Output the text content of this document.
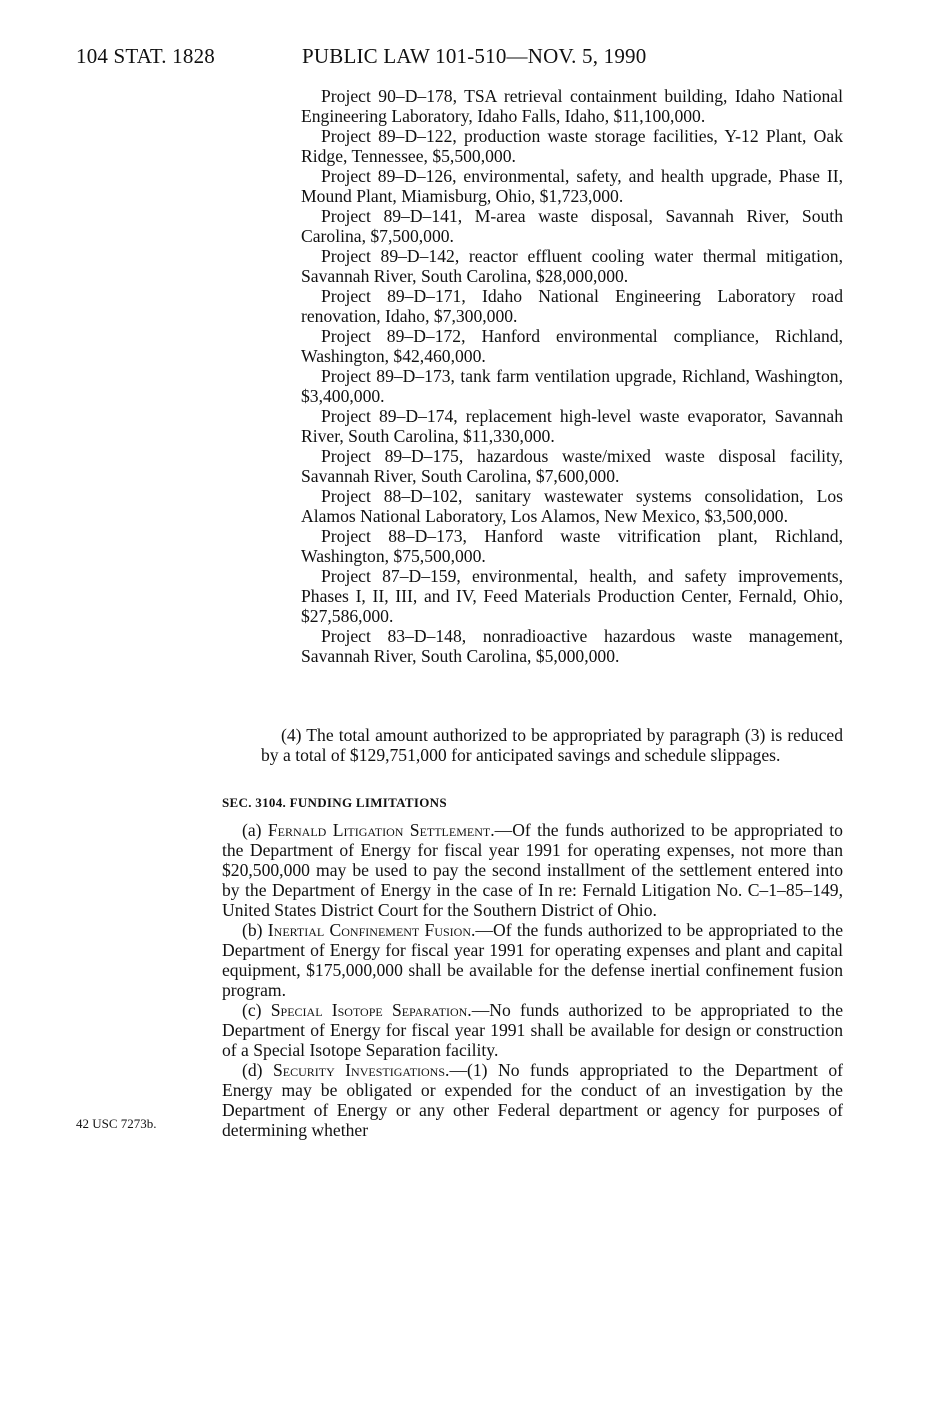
104 STAT. 1828	PUBLIC LAW 101-510—NOV. 5, 1990
Project 90–D–178, TSA retrieval containment building, Idaho National Engineering Laboratory, Idaho Falls, Idaho, $11,100,000.
Project 89–D–122, production waste storage facilities, Y-12 Plant, Oak Ridge, Tennessee, $5,500,000.
Project 89–D–126, environmental, safety, and health upgrade, Phase II, Mound Plant, Miamisburg, Ohio, $1,723,000.
Project 89–D–141, M-area waste disposal, Savannah River, South Carolina, $7,500,000.
Project 89–D–142, reactor effluent cooling water thermal mitigation, Savannah River, South Carolina, $28,000,000.
Project 89–D–171, Idaho National Engineering Laboratory road renovation, Idaho, $7,300,000.
Project 89–D–172, Hanford environmental compliance, Richland, Washington, $42,460,000.
Project 89–D–173, tank farm ventilation upgrade, Richland, Washington, $3,400,000.
Project 89–D–174, replacement high-level waste evaporator, Savannah River, South Carolina, $11,330,000.
Project 89–D–175, hazardous waste/mixed waste disposal facility, Savannah River, South Carolina, $7,600,000.
Project 88–D–102, sanitary wastewater systems consolidation, Los Alamos National Laboratory, Los Alamos, New Mexico, $3,500,000.
Project 88–D–173, Hanford waste vitrification plant, Richland, Washington, $75,500,000.
Project 87–D–159, environmental, health, and safety improvements, Phases I, II, III, and IV, Feed Materials Production Center, Fernald, Ohio, $27,586,000.
Project 83–D–148, nonradioactive hazardous waste management, Savannah River, South Carolina, $5,000,000.
(4) The total amount authorized to be appropriated by paragraph (3) is reduced by a total of $129,751,000 for anticipated savings and schedule slippages.
SEC. 3104. FUNDING LIMITATIONS
(a) Fernald Litigation Settlement.—Of the funds authorized to be appropriated to the Department of Energy for fiscal year 1991 for operating expenses, not more than $20,500,000 may be used to pay the second installment of the settlement entered into by the Department of Energy in the case of In re: Fernald Litigation No. C–1–85–149, United States District Court for the Southern District of Ohio.
(b) Inertial Confinement Fusion.—Of the funds authorized to be appropriated to the Department of Energy for fiscal year 1991 for operating expenses and plant and capital equipment, $175,000,000 shall be available for the defense inertial confinement fusion program.
(c) Special Isotope Separation.—No funds authorized to be appropriated to the Department of Energy for fiscal year 1991 shall be available for design or construction of a Special Isotope Separation facility.
(d) Security Investigations.—(1) No funds appropriated to the Department of Energy may be obligated or expended for the conduct of an investigation by the Department of Energy or any other Federal department or agency for purposes of determining whether
42 USC 7273b.
